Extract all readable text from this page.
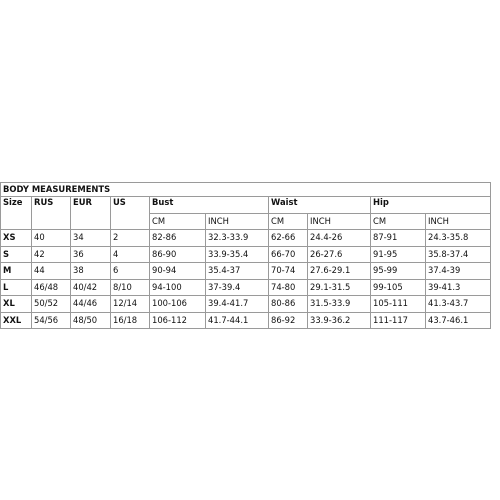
BODY MEASUREMENTS									
Size	RUS	EUR	US	Bust		Waist		Hip	
				CM	INCH	CM	INCH	CM	INCH
XS	40	34	2	82-86	32.3-33.9	62-66	24.4-26	87-91	24.3-35.8
S	42	36	4	86-90	33.9-35.4	66-70	26-27.6	91-95	35.8-37.4
M	44	38	6	90-94	35.4-37	70-74	27.6-29.1	95-99	37.4-39
L	46/48	40/42	8/10	94-100	37-39.4	74-80	29.1-31.5	99-105	39-41.3
XL	50/52	44/46	12/14	100-106	39.4-41.7	80-86	31.5-33.9	105-111	41.3-43.7
XXL	54/56	48/50	16/18	106-112	41.7-44.1	86-92	33.9-36.2	111-117	43.7-46.1
